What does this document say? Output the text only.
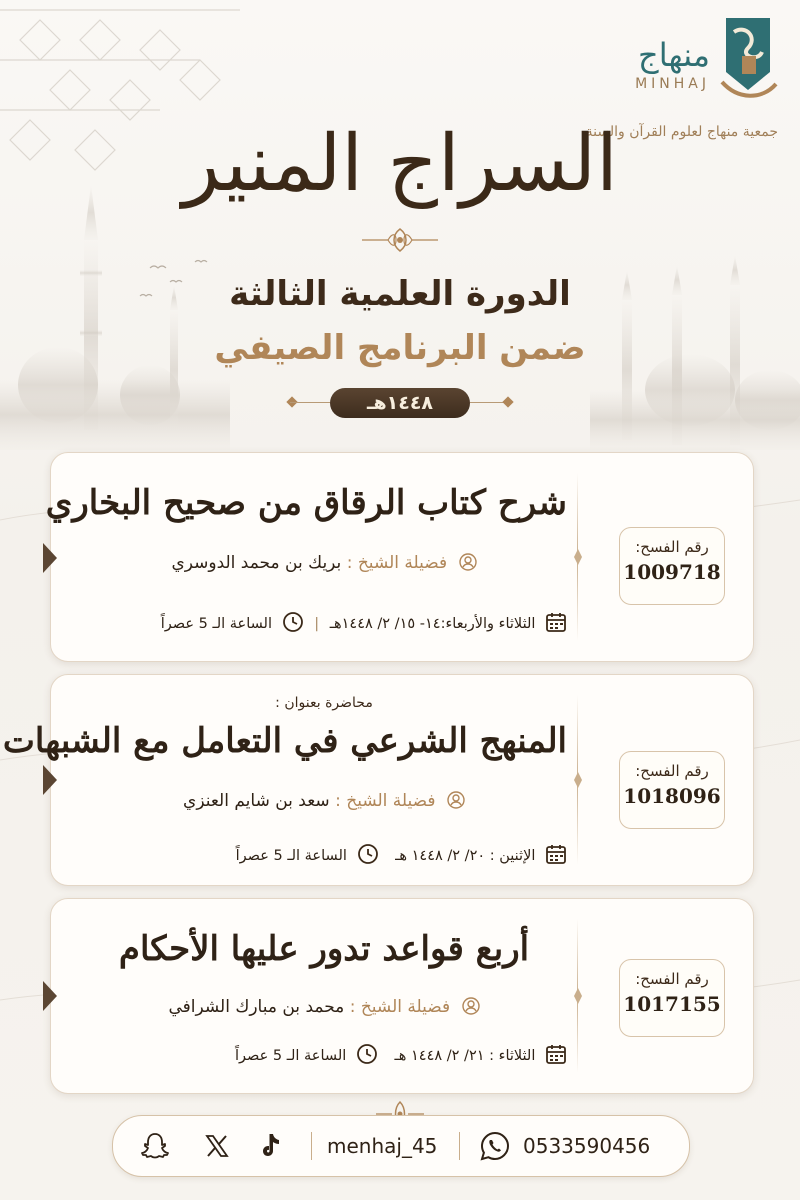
منهاج
MINHAJ
جمعية منهاج لعلوم القرآن والسنة
السراج المنير
الدورة العلمية الثالثة
ضمن البرنامج الصيفي
١٤٤٨هـ
رقم الفسح:
1009718
شرح كتاب الرقاق من صحيح البخاري
فضيلة الشيخ : بريك بن محمد الدوسري
الثلاثاء والأربعاء:١٤- ١٥/ ٢/ ١٤٤٨هـ |  الساعة الـ 5 عصراً
رقم الفسح:
1018096
محاضرة بعنوان :
المنهج الشرعي في التعامل مع الشبهات
فضيلة الشيخ : سعد بن شايم العنزي
الإثنين : ٢٠/ ٢/ ١٤٤٨ هـ  الساعة الـ 5 عصراً
رقم الفسح:
1017155
أربع قواعد تدور عليها الأحكام
فضيلة الشيخ : محمد بن مبارك الشرافي
الثلاثاء : ٢١/ ٢/ ١٤٤٨ هـ  الساعة الـ 5 عصراً
menhaj_45	0533590456
